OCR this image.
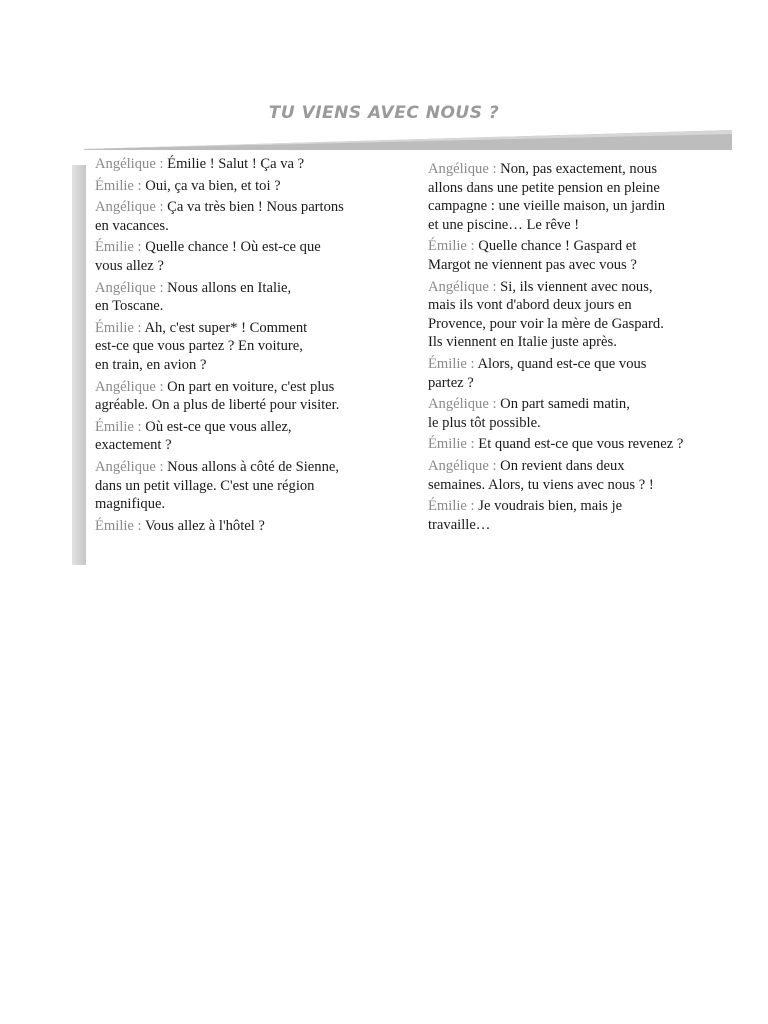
TU VIENS AVEC NOUS ?

Angélique : Émilie ! Salut ! Ça va ?

Émilie : Oui, ça va bien, et toi ?

Angélique : Ça va très bien ! Nous partons
en vacances.

Émilie : Quelle chance ! Où est-ce que
vous allez ?

Angélique : Nous allons en Italie,
en Toscane.

Émilie : Ah, c'est super* ! Comment
est-ce que vous partez ? En voiture,
en train, en avion ?

Angélique : On part en voiture, c'est plus
agréable. On a plus de liberté pour visiter.

Émilie : Où est-ce que vous allez,
exactement ?

Angélique : Nous allons à côté de Sienne,
dans un petit village. C'est une région
magnifique.

Émilie : Vous allez à l'hôtel ?

Angélique : Non, pas exactement, nous
allons dans une petite pension en pleine
campagne : une vieille maison, un jardin
et une piscine… Le rêve !

Émilie : Quelle chance ! Gaspard et
Margot ne viennent pas avec vous ?

Angélique : Si, ils viennent avec nous,
mais ils vont d'abord deux jours en
Provence, pour voir la mère de Gaspard.
Ils viennent en Italie juste après.

Émilie : Alors, quand est-ce que vous
partez ?

Angélique : On part samedi matin,
le plus tôt possible.

Émilie : Et quand est-ce que vous revenez ?

Angélique : On revient dans deux
semaines. Alors, tu viens avec nous ? !

Émilie : Je voudrais bien, mais je
travaille…
